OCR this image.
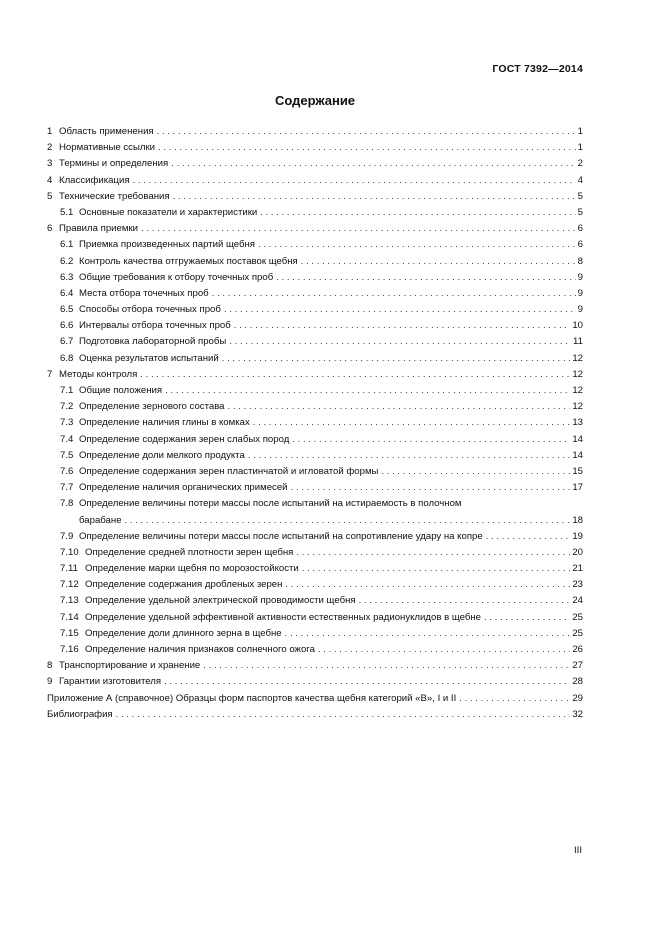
ГОСТ 7392—2014
Содержание
1 Область применения . . .	1
2 Нормативные ссылки . . .	1
3 Термины и определения . . .	2
4 Классификация . . .	4
5 Технические требования . . .	5
5.1 Основные показатели и характеристики . . .	5
6 Правила приемки . . .	6
6.1 Приемка произведенных партий щебня . . .	6
6.2 Контроль качества отгружаемых поставок щебня . . .	8
6.3 Общие требования к отбору точечных проб . . .	9
6.4 Места отбора точечных проб . . .	9
6.5 Способы отбора точечных проб . . .	9
6.6 Интервалы отбора точечных проб . . .	10
6.7 Подготовка лабораторной пробы . . .	11
6.8 Оценка результатов испытаний . . .	12
7 Методы контроля . . .	12
7.1 Общие положения . . .	12
7.2 Определение зернового состава . . .	12
7.3 Определение наличия глины в комках . . .	13
7.4 Определение содержания зерен слабых пород . . .	14
7.5 Определение доли мелкого продукта . . .	14
7.6 Определение содержания зерен пластинчатой и игловатой формы . . .	15
7.7 Определение наличия органических примесей . . .	17
7.8 Определение величины потери массы после испытаний на истираемость в полочном
барабане . . .	18
7.9 Определение величины потери массы после испытаний на сопротивление удару на копре . . .	19
7.10 Определение средней плотности зерен щебня . . .	20
7.11 Определение марки щебня по морозостойкости . . .	21
7.12 Определение содержания дробленых зерен . . .	23
7.13 Определение удельной электрической проводимости щебня . . .	24
7.14 Определение удельной эффективной активности естественных радионуклидов в щебне . . .	25
7.15 Определение доли длинного зерна в щебне . . .	25
7.16 Определение наличия признаков солнечного ожога . . .	26
8 Транспортирование и хранение . . .	27
9 Гарантии изготовителя . . .	28
Приложение А (справочное) Образцы форм паспортов качества щебня категорий «В», I и II . . .	29
Библиография . . .	32
III
